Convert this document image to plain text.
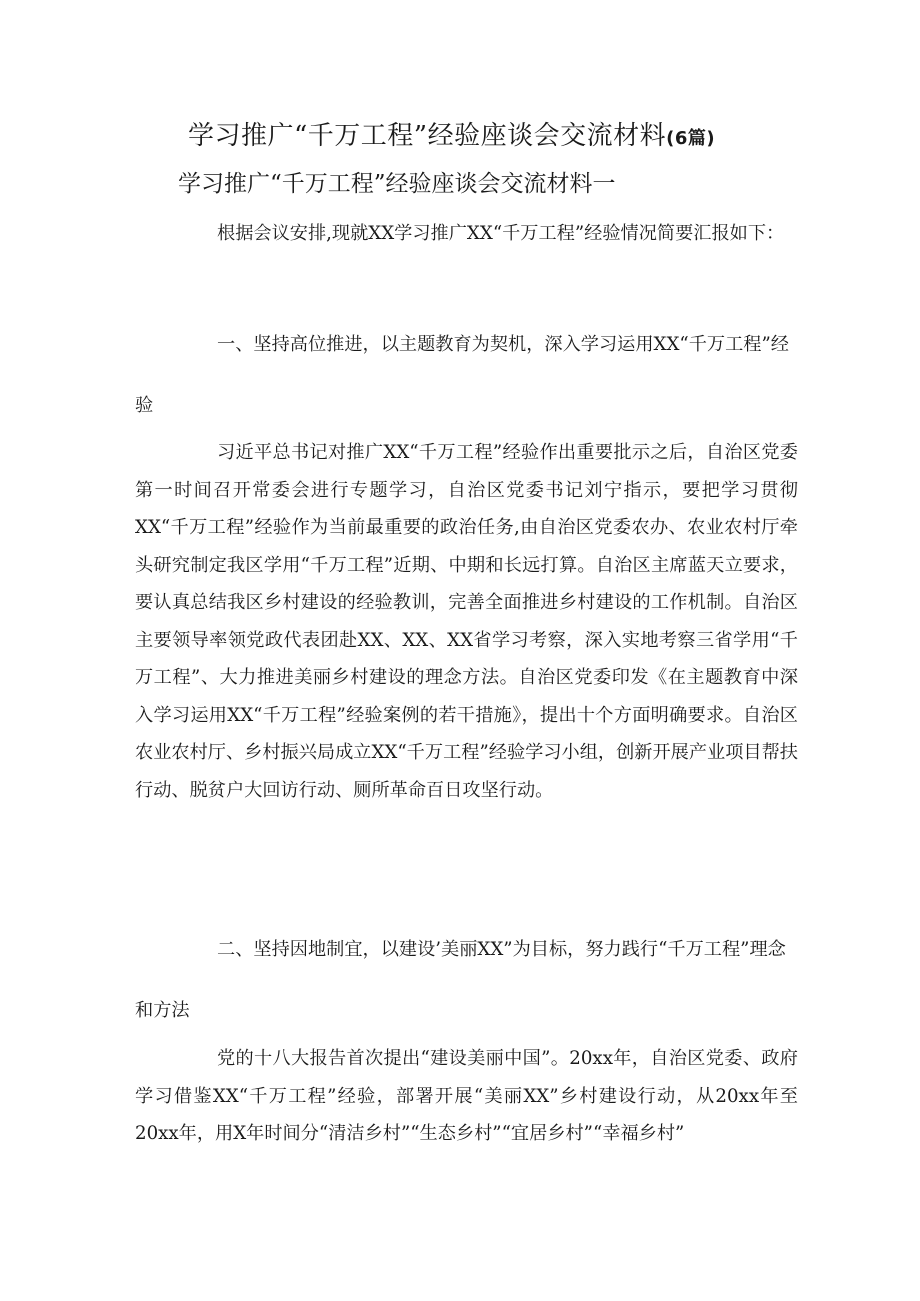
学习推广“千万工程”经验座谈会交流材料(6篇)
学习推广“千万工程”经验座谈会交流材料一

根据会议安排,现就XX学习推广XX“千万工程”经验情况简要汇报如下：

一、坚持高位推进，以主题教育为契机，深入学习运用XX“千万工程”经验

习近平总书记对推广XX“千万工程”经验作出重要批示之后，自治区党委第一时间召开常委会进行专题学习，自治区党委书记刘宁指示，要把学习贯彻XX“千万工程”经验作为当前最重要的政治任务,由自治区党委农办、农业农村厅牵头研究制定我区学用“千万工程”近期、中期和长远打算。自治区主席蓝天立要求，要认真总结我区乡村建设的经验教训，完善全面推进乡村建设的工作机制。自治区主要领导率领党政代表团赴XX、XX、XX省学习考察，深入实地考察三省学用“千万工程”、大力推进美丽乡村建设的理念方法。自治区党委印发《在主题教育中深入学习运用XX“千万工程”经验案例的若干措施》，提出十个方面明确要求。自治区农业农村厅、乡村振兴局成立XX“千万工程”经验学习小组，创新开展产业项目帮扶行动、脱贫户大回访行动、厕所革命百日攻坚行动。

二、坚持因地制宜，以建设’美丽XX”为目标，努力践行“千万工程”理念和方法

党的十八大报告首次提出“建设美丽中国”。20xx年，自治区党委、政府学习借鉴XX“千万工程”经验，部署开展“美丽XX”乡村建设行动，从20xx年至20xx年，用X年时间分“清洁乡村”“生态乡村”“宜居乡村”“幸福乡村”
